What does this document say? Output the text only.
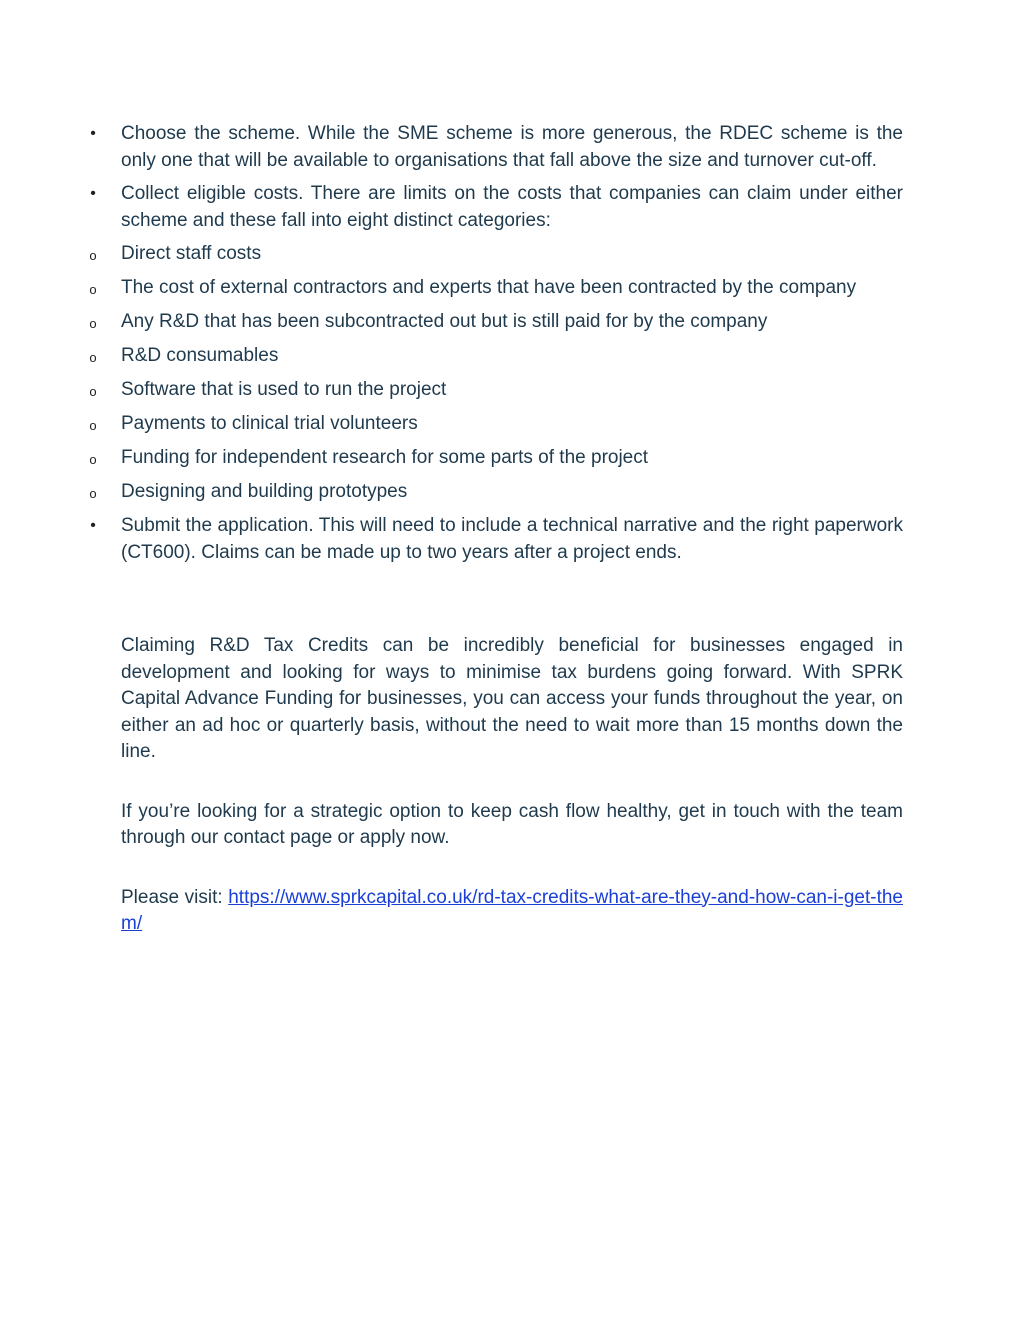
• Choose the scheme. While the SME scheme is more generous, the RDEC scheme is the only one that will be available to organisations that fall above the size and turnover cut-off.
• Collect eligible costs. There are limits on the costs that companies can claim under either scheme and these fall into eight distinct categories:
o Direct staff costs
o The cost of external contractors and experts that have been contracted by the company
o Any R&D that has been subcontracted out but is still paid for by the company
o R&D consumables
o Software that is used to run the project
o Payments to clinical trial volunteers
o Funding for independent research for some parts of the project
o Designing and building prototypes
• Submit the application. This will need to include a technical narrative and the right paperwork (CT600). Claims can be made up to two years after a project ends.

Claiming R&D Tax Credits can be incredibly beneficial for businesses engaged in development and looking for ways to minimise tax burdens going forward. With SPRK Capital Advance Funding for businesses, you can access your funds throughout the year, on either an ad hoc or quarterly basis, without the need to wait more than 15 months down the line.

If you’re looking for a strategic option to keep cash flow healthy, get in touch with the team through our contact page or apply now.

Please visit: https://www.sprkcapital.co.uk/rd-tax-credits-what-are-they-and-how-can-i-get-them/
